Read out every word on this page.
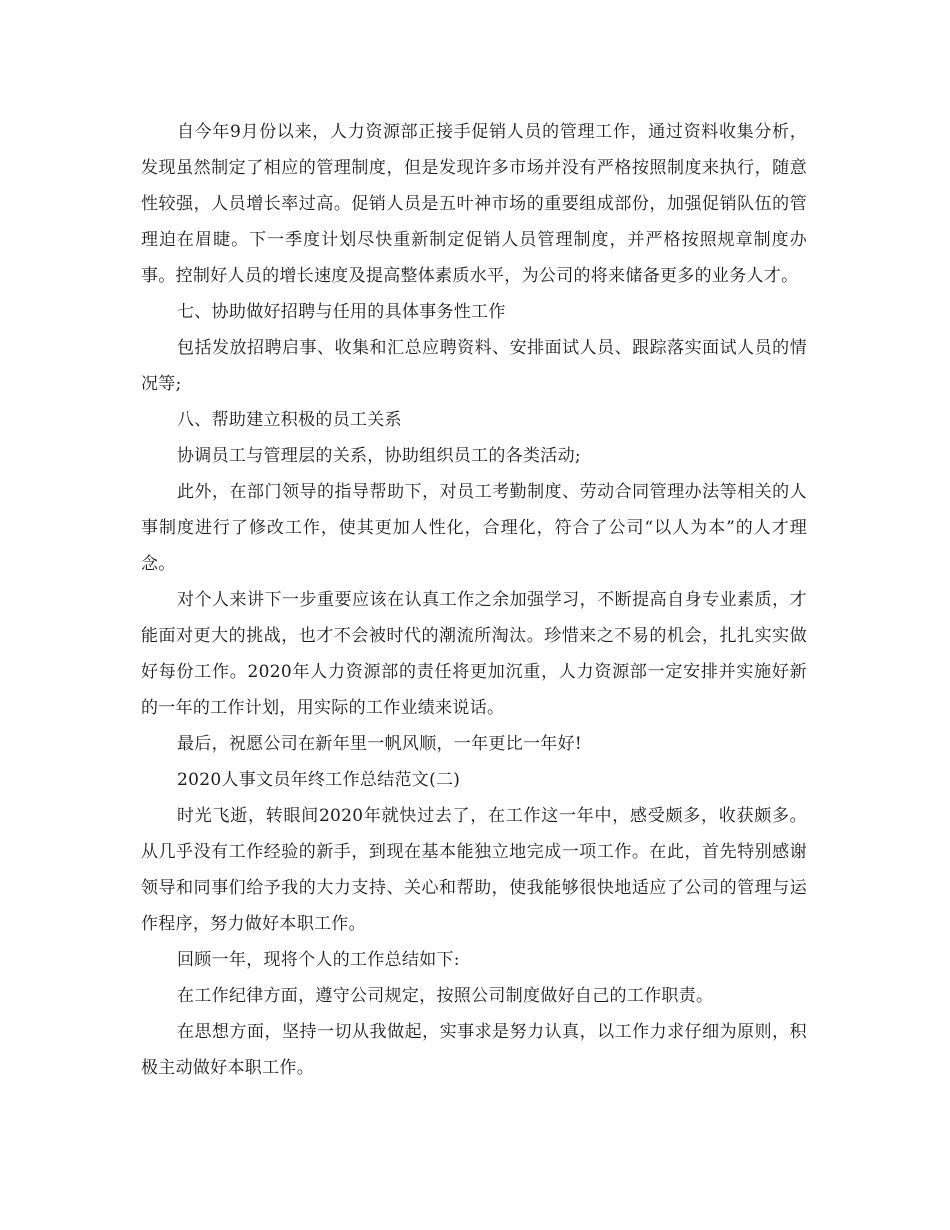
自今年9月份以来，人力资源部正接手促销人员的管理工作，通过资料收集分析，发现虽然制定了相应的管理制度，但是发现许多市场并没有严格按照制度来执行，随意性较强，人员增长率过高。促销人员是五叶神市场的重要组成部份，加强促销队伍的管理迫在眉睫。下一季度计划尽快重新制定促销人员管理制度，并严格按照规章制度办事。控制好人员的增长速度及提高整体素质水平，为公司的将来储备更多的业务人才。

七、协助做好招聘与任用的具体事务性工作

包括发放招聘启事、收集和汇总应聘资料、安排面试人员、跟踪落实面试人员的情况等;

八、帮助建立积极的员工关系

协调员工与管理层的关系，协助组织员工的各类活动;

此外，在部门领导的指导帮助下，对员工考勤制度、劳动合同管理办法等相关的人事制度进行了修改工作，使其更加人性化，合理化，符合了公司“以人为本”的人才理念。

对个人来讲下一步重要应该在认真工作之余加强学习，不断提高自身专业素质，才能面对更大的挑战，也才不会被时代的潮流所淘汰。珍惜来之不易的机会，扎扎实实做好每份工作。2020年人力资源部的责任将更加沉重，人力资源部一定安排并实施好新的一年的工作计划，用实际的工作业绩来说话。

最后，祝愿公司在新年里一帆风顺，一年更比一年好!

2020人事文员年终工作总结范文(二)

时光飞逝，转眼间2020年就快过去了，在工作这一年中，感受颇多，收获颇多。从几乎没有工作经验的新手，到现在基本能独立地完成一项工作。在此，首先特别感谢领导和同事们给予我的大力支持、关心和帮助，使我能够很快地适应了公司的管理与运作程序，努力做好本职工作。

回顾一年，现将个人的工作总结如下:

在工作纪律方面，遵守公司规定，按照公司制度做好自己的工作职责。

在思想方面，坚持一切从我做起，实事求是努力认真，以工作力求仔细为原则，积极主动做好本职工作。
